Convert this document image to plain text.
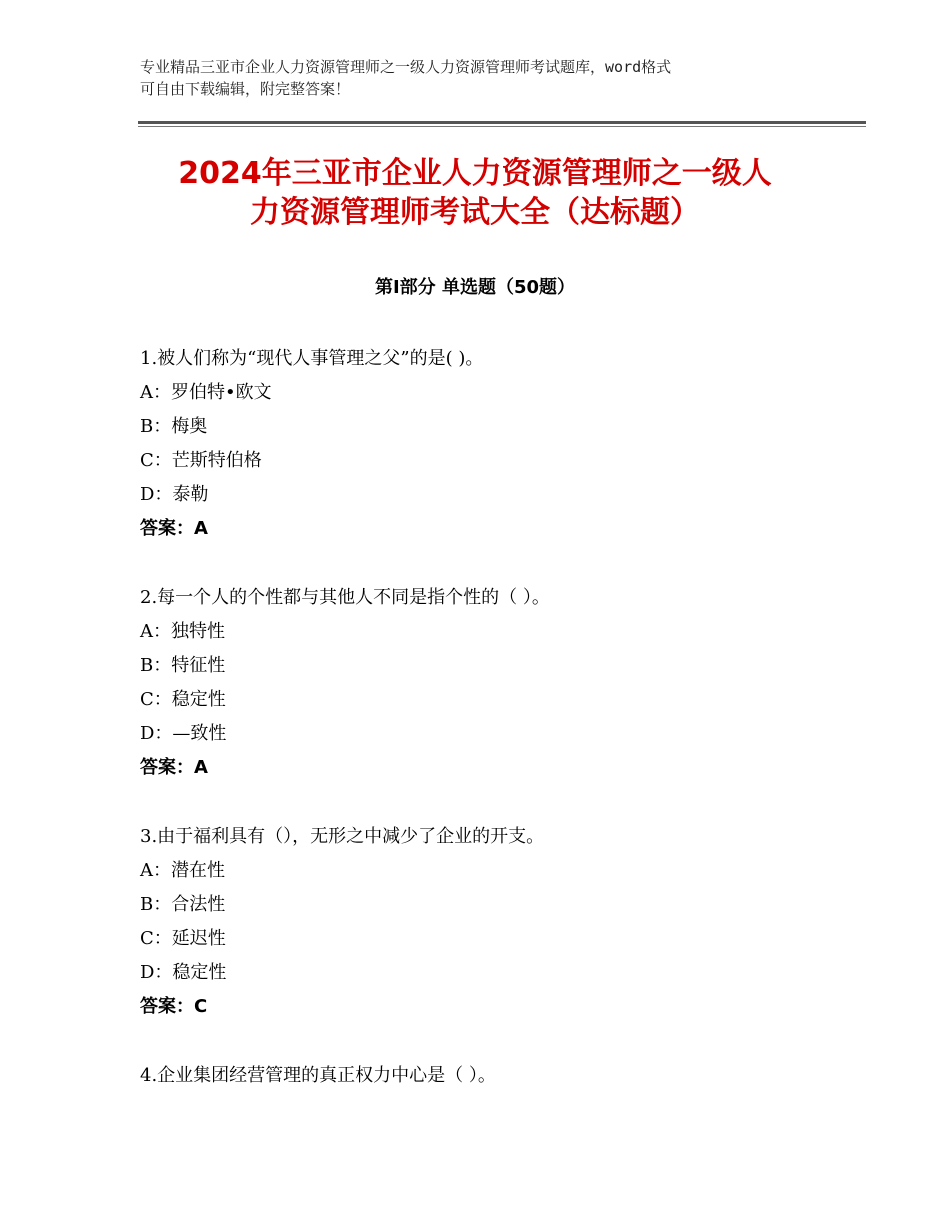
专业精品三亚市企业人力资源管理师之一级人力资源管理师考试题库，word格式
可自由下载编辑，附完整答案！
2024年三亚市企业人力资源管理师之一级人
力资源管理师考试大全（达标题）
第I部分 单选题（50题）
1.被人们称为“现代人事管理之父”的是( )。
A：罗伯特•欧文
B：梅奥
C：芒斯特伯格
D：泰勒
答案：A
2.每一个人的个性都与其他人不同是指个性的（ ）。
A：独特性
B：特征性
C：稳定性
D：—致性
答案：A
3.由于福利具有（），无形之中减少了企业的开支。
A：潜在性
B：合法性
C：延迟性
D：稳定性
答案：C
4.企业集团经营管理的真正权力中心是（ ）。
